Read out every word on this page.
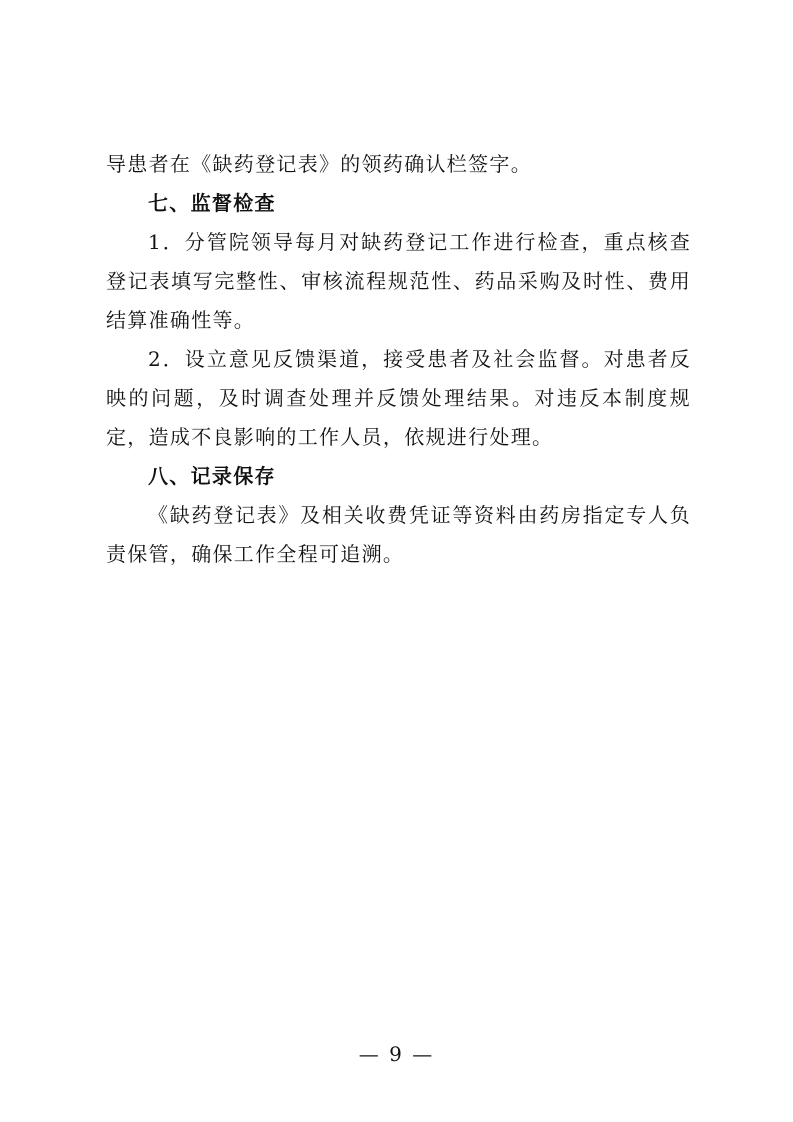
导患者在《缺药登记表》的领药确认栏签字。

七、监督检查

1．分管院领导每月对缺药登记工作进行检查，重点核查登记表填写完整性、审核流程规范性、药品采购及时性、费用结算准确性等。

2．设立意见反馈渠道，接受患者及社会监督。对患者反映的问题，及时调查处理并反馈处理结果。对违反本制度规定，造成不良影响的工作人员，依规进行处理。

八、记录保存

《缺药登记表》及相关收费凭证等资料由药房指定专人负责保管，确保工作全程可追溯。

— 9 —
